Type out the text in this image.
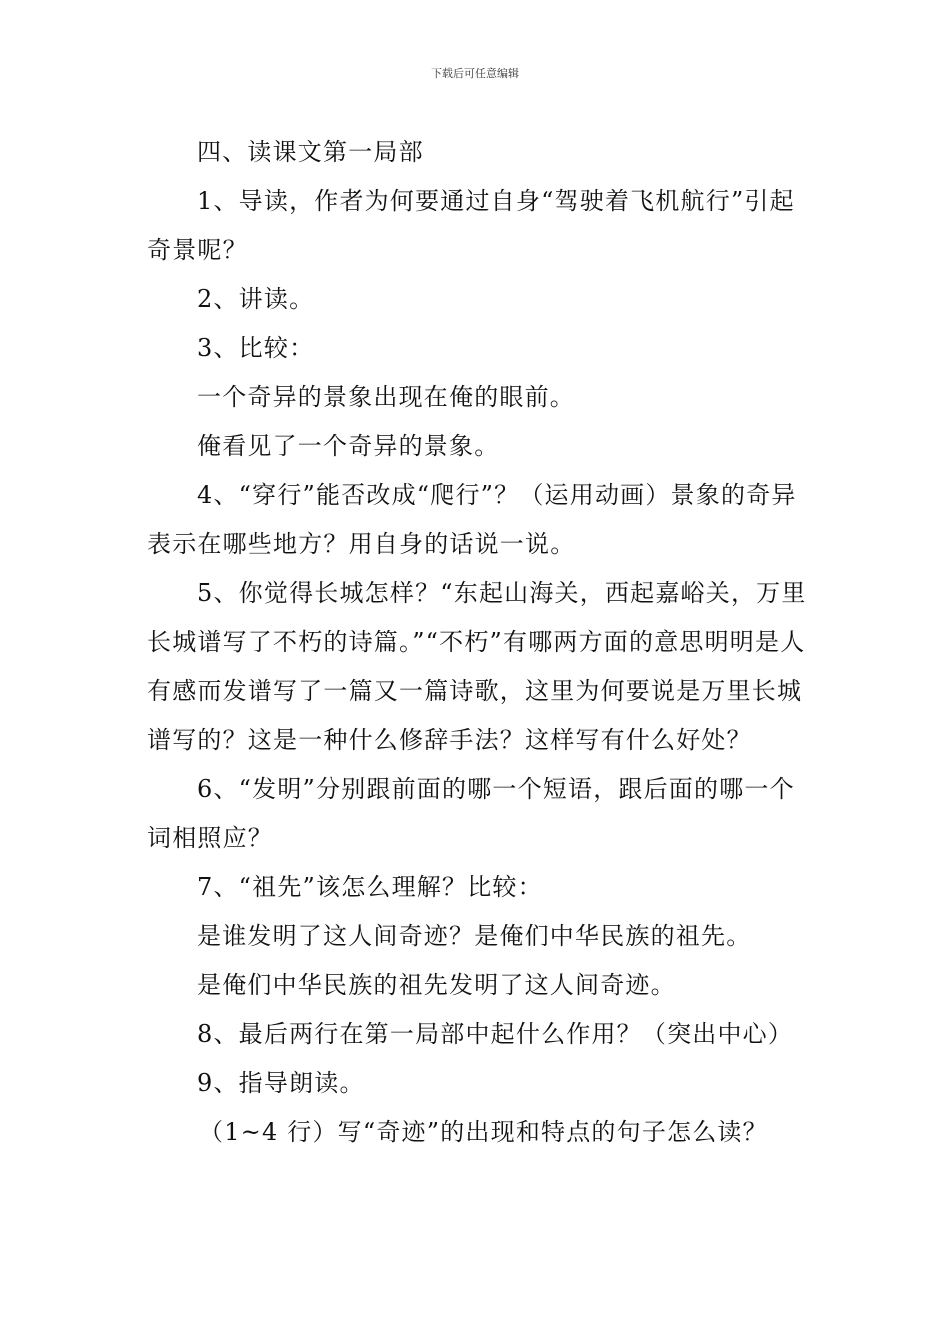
下载后可任意编辑

四、读课文第一局部

1、导读，作者为何要通过自身“驾驶着飞机航行”引起奇景呢？

2、讲读。

3、比较：

一个奇异的景象出现在俺的眼前。

俺看见了一个奇异的景象。

4、“穿行”能否改成“爬行”？（运用动画）景象的奇异表示在哪些地方？用自身的话说一说。

5、你觉得长城怎样？“东起山海关，西起嘉峪关，万里长城谱写了不朽的诗篇。”“不朽”有哪两方面的意思明明是人有感而发谱写了一篇又一篇诗歌，这里为何要说是万里长城谱写的？这是一种什么修辞手法？这样写有什么好处？

6、“发明”分别跟前面的哪一个短语，跟后面的哪一个词相照应？

7、“祖先”该怎么理解？比较：

是谁发明了这人间奇迹？是俺们中华民族的祖先。

是俺们中华民族的祖先发明了这人间奇迹。

8、最后两行在第一局部中起什么作用？（突出中心）

9、指导朗读。

（1~4 行）写“奇迹”的出现和特点的句子怎么读？
